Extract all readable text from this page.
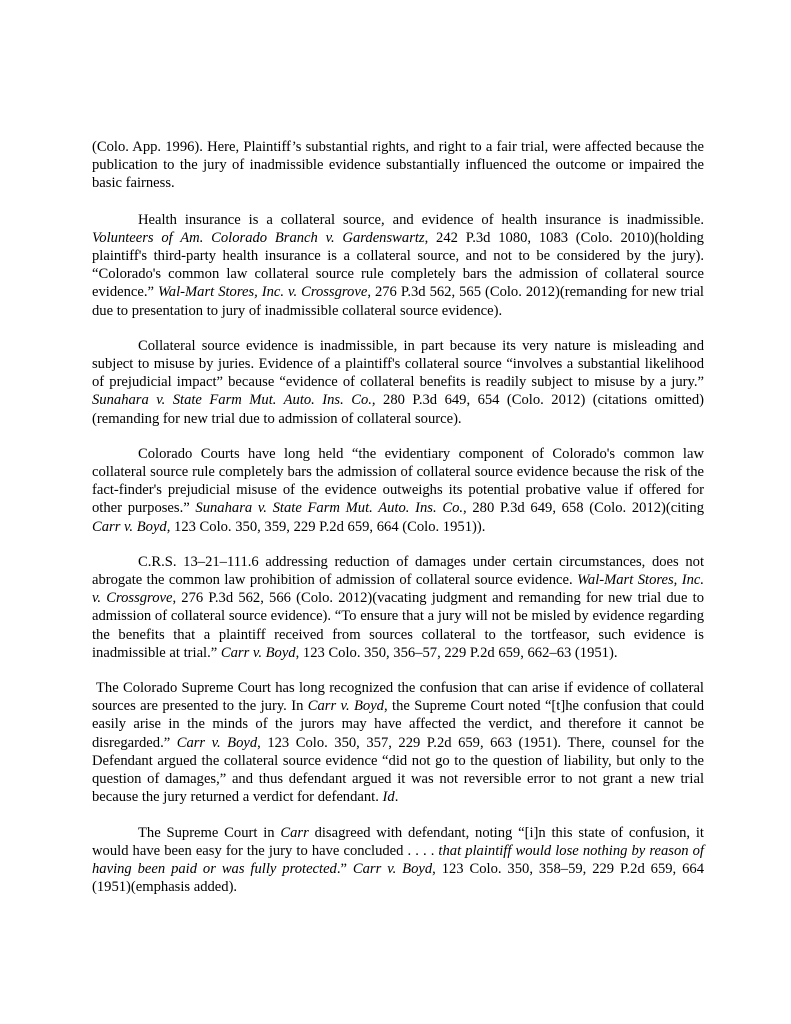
(Colo. App. 1996). Here, Plaintiff’s substantial rights, and right to a fair trial, were affected because the publication to the jury of inadmissible evidence substantially influenced the outcome or impaired the basic fairness.

Health insurance is a collateral source, and evidence of health insurance is inadmissible. Volunteers of Am. Colorado Branch v. Gardenswartz, 242 P.3d 1080, 1083 (Colo. 2010)(holding plaintiff's third-party health insurance is a collateral source, and not to be considered by the jury). “Colorado's common law collateral source rule completely bars the admission of collateral source evidence.” Wal-Mart Stores, Inc. v. Crossgrove, 276 P.3d 562, 565 (Colo. 2012)(remanding for new trial due to presentation to jury of inadmissible collateral source evidence).

Collateral source evidence is inadmissible, in part because its very nature is misleading and subject to misuse by juries. Evidence of a plaintiff's collateral source “involves a substantial likelihood of prejudicial impact” because “evidence of collateral benefits is readily subject to misuse by a jury.” Sunahara v. State Farm Mut. Auto. Ins. Co., 280 P.3d 649, 654 (Colo. 2012) (citations omitted)(remanding for new trial due to admission of collateral source).

Colorado Courts have long held “the evidentiary component of Colorado's common law collateral source rule completely bars the admission of collateral source evidence because the risk of the fact-finder's prejudicial misuse of the evidence outweighs its potential probative value if offered for other purposes.” Sunahara v. State Farm Mut. Auto. Ins. Co., 280 P.3d 649, 658 (Colo. 2012)(citing Carr v. Boyd, 123 Colo. 350, 359, 229 P.2d 659, 664 (Colo. 1951)).

C.R.S. 13–21–111.6 addressing reduction of damages under certain circumstances, does not abrogate the common law prohibition of admission of collateral source evidence. Wal-Mart Stores, Inc. v. Crossgrove, 276 P.3d 562, 566 (Colo. 2012)(vacating judgment and remanding for new trial due to admission of collateral source evidence). “To ensure that a jury will not be misled by evidence regarding the benefits that a plaintiff received from sources collateral to the tortfeasor, such evidence is inadmissible at trial.” Carr v. Boyd, 123 Colo. 350, 356–57, 229 P.2d 659, 662–63 (1951).

The Colorado Supreme Court has long recognized the confusion that can arise if evidence of collateral sources are presented to the jury. In Carr v. Boyd, the Supreme Court noted “[t]he confusion that could easily arise in the minds of the jurors may have affected the verdict, and therefore it cannot be disregarded.” Carr v. Boyd, 123 Colo. 350, 357, 229 P.2d 659, 663 (1951). There, counsel for the Defendant argued the collateral source evidence “did not go to the question of liability, but only to the question of damages,” and thus defendant argued it was not reversible error to not grant a new trial because the jury returned a verdict for defendant. Id.

The Supreme Court in Carr disagreed with defendant, noting “[i]n this state of confusion, it would have been easy for the jury to have concluded . . . . that plaintiff would lose nothing by reason of having been paid or was fully protected.” Carr v. Boyd, 123 Colo. 350, 358–59, 229 P.2d 659, 664 (1951)(emphasis added).
